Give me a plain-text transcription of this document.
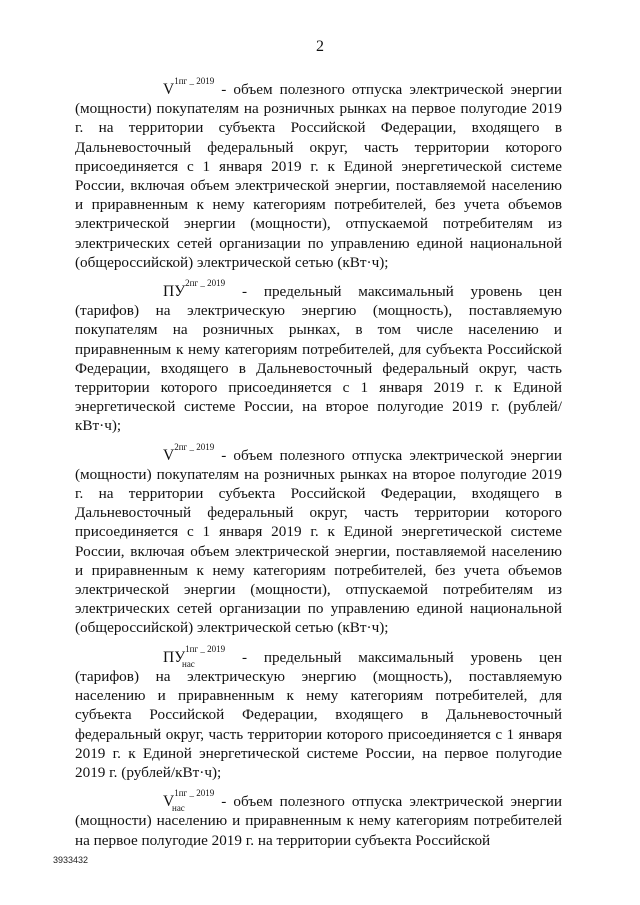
2

$V^{1пг \_ 2019}$ - объем полезного отпуска электрической энергии (мощности) покупателям на розничных рынках на первое полугодие 2019 г. на территории субъекта Российской Федерации, входящего в Дальневосточный федеральный округ, часть территории которого присоединяется с 1 января 2019 г. к Единой энергетической системе России, включая объем электрической энергии, поставляемой населению и приравненным к нему категориям потребителей, без учета объемов электрической энергии (мощности), отпускаемой потребителям из электрических сетей организации по управлению единой национальной (общероссийской) электрической сетью (кВт·ч);

$ПУ^{2пг \_ 2019}$ - предельный максимальный уровень цен (тарифов) на электрическую энергию (мощность), поставляемую покупателям на розничных рынках, в том числе населению и приравненным к нему категориям потребителей, для субъекта Российской Федерации, входящего в Дальневосточный федеральный округ, часть территории которого присоединяется с 1 января 2019 г. к Единой энергетической системе России, на второе полугодие 2019 г. (рублей/кВт·ч);

$V^{2пг \_ 2019}$ - объем полезного отпуска электрической энергии (мощности) покупателям на розничных рынках на второе полугодие 2019 г. на территории субъекта Российской Федерации, входящего в Дальневосточный федеральный округ, часть территории которого присоединяется с 1 января 2019 г. к Единой энергетической системе России, включая объем электрической энергии, поставляемой населению и приравненным к нему категориям потребителей, без учета объемов электрической энергии (мощности), отпускаемой потребителям из электрических сетей организации по управлению единой национальной (общероссийской) электрической сетью (кВт·ч);

$ПУ^{1пг \_ 2019}$
нас	- предельный максимальный уровень цен (тарифов) на электрическую энергию (мощность), поставляемую населению и приравненным к нему категориям потребителей, для субъекта Российской Федерации, входящего в Дальневосточный федеральный округ, часть территории которого присоединяется с 1 января 2019 г. к Единой энергетической системе России, на первое полугодие 2019 г. (рублей/кВт·ч);

$V^{1пг \_ 2019}$
нас - объем полезного отпуска электрической энергии (мощности) населению и приравненным к нему категориям потребителей на первое полугодие 2019 г. на территории субъекта Российской

3933432
